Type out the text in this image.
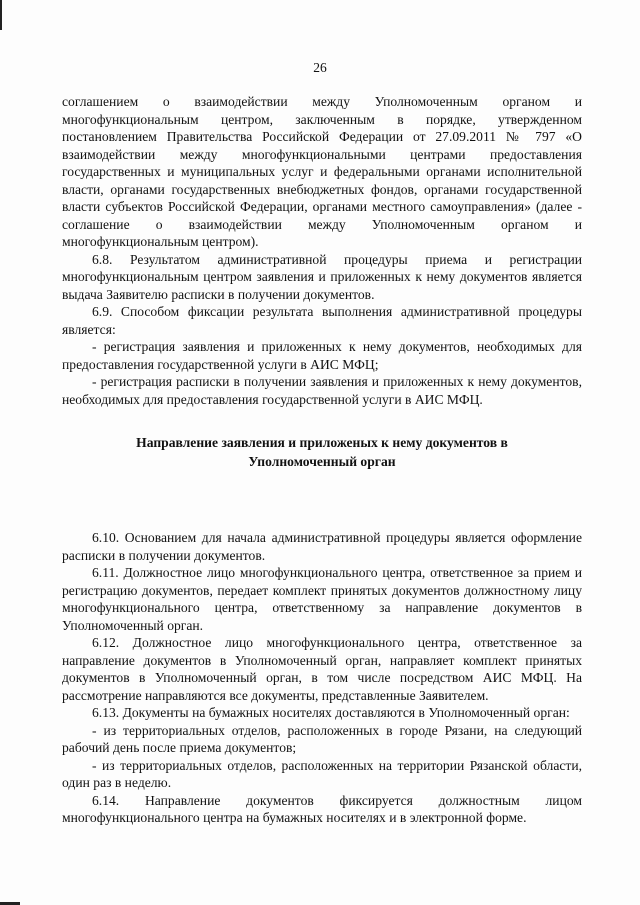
26

соглашением о взаимодействии между Уполномоченным органом и многофункциональным центром, заключенным в порядке, утвержденном постановлением Правительства Российской Федерации от 27.09.2011 № 797 «О взаимодействии между многофункциональными центрами предоставления государственных и муниципальных услуг и федеральными органами исполнительной власти, органами государственных внебюджетных фондов, органами государственной власти субъектов Российской Федерации, органами местного самоуправления» (далее - соглашение о взаимодействии между Уполномоченным органом и многофункциональным центром).

6.8. Результатом административной процедуры приема и регистрации многофункциональным центром заявления и приложенных к нему документов является выдача Заявителю расписки в получении документов.

6.9. Способом фиксации результата выполнения административной процедуры является:

- регистрация заявления и приложенных к нему документов, необходимых для предоставления государственной услуги в АИС МФЦ;

- регистрация расписки в получении заявления и приложенных к нему документов, необходимых для предоставления государственной услуги в АИС МФЦ.

Направление заявления и приложеных к нему документов в Уполномоченный орган

6.10. Основанием для начала административной процедуры является оформление расписки в получении документов.

6.11. Должностное лицо многофункционального центра, ответственное за прием и регистрацию документов, передает комплект принятых документов должностному лицу многофункционального центра, ответственному за направление документов в Уполномоченный орган.

6.12. Должностное лицо многофункционального центра, ответственное за направление документов в Уполномоченный орган, направляет комплект принятых документов в Уполномоченный орган, в том числе посредством АИС МФЦ. На рассмотрение направляются все документы, представленные Заявителем.

6.13. Документы на бумажных носителях доставляются в Уполномоченный орган:

- из территориальных отделов, расположенных в городе Рязани, на следующий рабочий день после приема документов;

- из территориальных отделов, расположенных на территории Рязанской области, один раз в неделю.

6.14. Направление документов фиксируется должностным лицом многофункционального центра на бумажных носителях и в электронной форме.
